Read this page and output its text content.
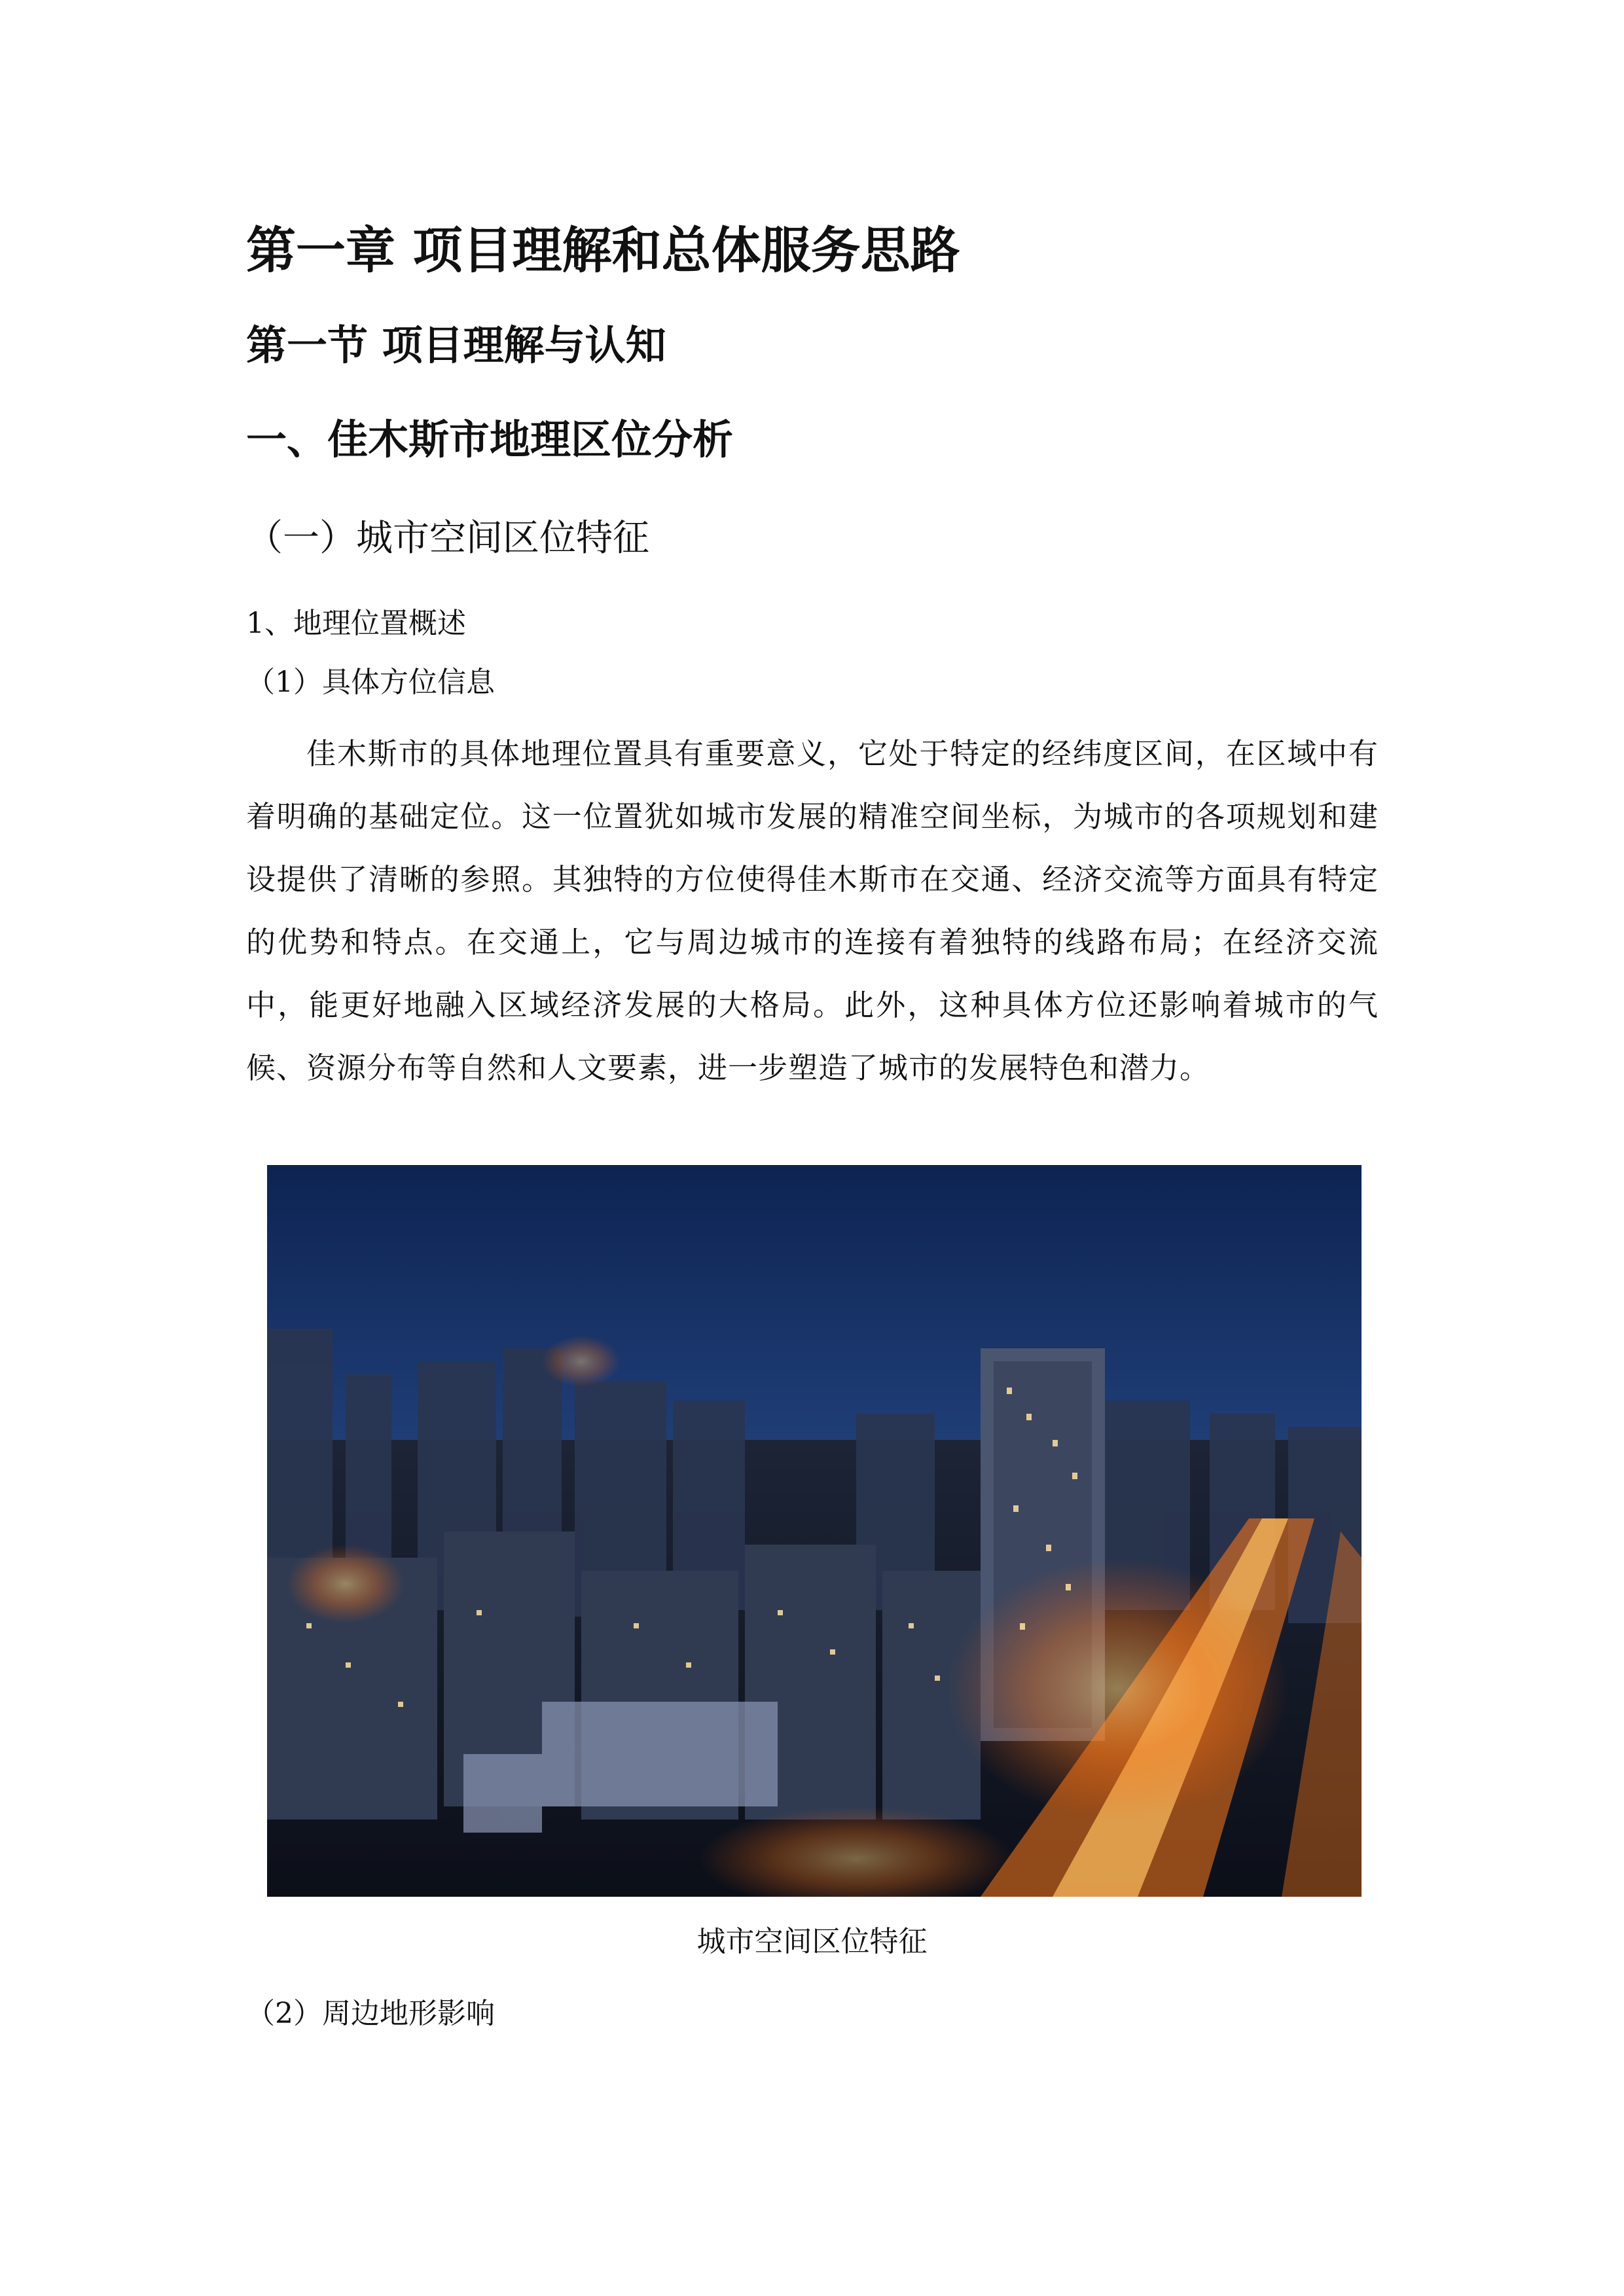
第一章 项目理解和总体服务思路
第一节 项目理解与认知
一、佳木斯市地理区位分析
（一）城市空间区位特征
1、地理位置概述
（1）具体方位信息
佳木斯市的具体地理位置具有重要意义，它处于特定的经纬度区间，在区域中有着明确的基础定位。这一位置犹如城市发展的精准空间坐标，为城市的各项规划和建设提供了清晰的参照。其独特的方位使得佳木斯市在交通、经济交流等方面具有特定的优势和特点。在交通上，它与周边城市的连接有着独特的线路布局；在经济交流中，能更好地融入区域经济发展的大格局。此外，这种具体方位还影响着城市的气候、资源分布等自然和人文要素，进一步塑造了城市的发展特色和潜力。
城市空间区位特征
（2）周边地形影响
